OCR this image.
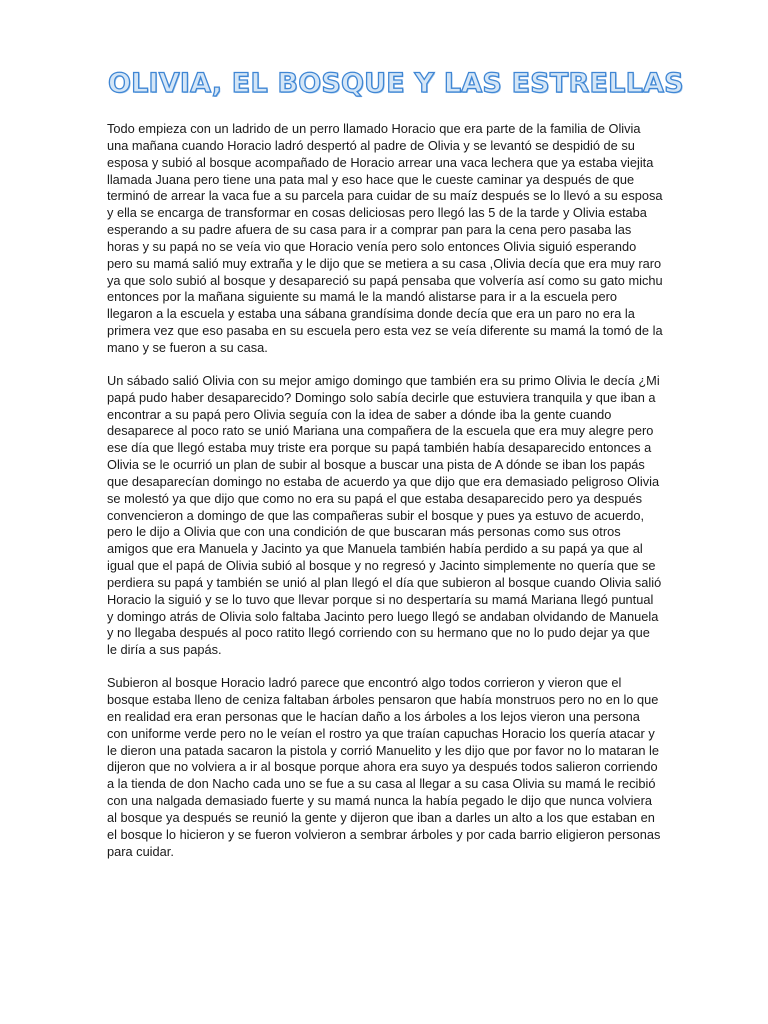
OLIVIA, EL BOSQUE Y LAS ESTRELLAS

Todo empieza con un ladrido de un perro llamado Horacio que era parte de la familia de Olivia una mañana cuando Horacio ladró despertó al padre de Olivia y se levantó se despidió de su esposa y subió al bosque acompañado de Horacio arrear una vaca lechera que ya estaba viejita llamada Juana pero tiene una pata mal y eso hace que le cueste caminar ya después de que terminó de arrear la vaca fue a su parcela para cuidar de su maíz después se lo llevó a su esposa y ella se encarga de transformar en cosas deliciosas pero llegó las 5 de la tarde y Olivia estaba esperando a su padre afuera de su casa para ir a comprar pan para la cena pero pasaba las horas y su papá no se veía vio que Horacio venía pero solo entonces Olivia siguió esperando pero su mamá salió muy extraña y le dijo que se metiera a su casa ,Olivia decía que era muy raro ya que solo subió al bosque y desapareció su papá pensaba que volvería así como su gato michu entonces por la mañana siguiente su mamá le la mandó alistarse para ir a la escuela pero llegaron a la escuela y estaba una sábana grandísima donde decía que era un paro no era la primera vez que eso pasaba en su escuela pero esta vez se veía diferente su mamá la tomó de la mano y se fueron a su casa.

Un sábado salió Olivia con su mejor amigo domingo que también era su primo Olivia le decía ¿Mi papá pudo haber desaparecido? Domingo solo sabía decirle que estuviera tranquila y que iban a encontrar a su papá pero Olivia seguía con la idea de saber a dónde iba la gente cuando desaparece al poco rato se unió Mariana una compañera de la escuela que era muy alegre pero ese día que llegó estaba muy triste era porque su papá también había desaparecido entonces a Olivia se le ocurrió un plan de subir al bosque a buscar una pista de A dónde se iban los papás que desaparecían domingo no estaba de acuerdo ya que dijo que era demasiado peligroso Olivia se molestó ya que dijo que como no era su papá el que estaba desaparecido pero ya después convencieron a domingo de que las compañeras subir el bosque y pues ya estuvo de acuerdo, pero le dijo a Olivia que con una condición de que buscaran más personas como sus otros amigos que era Manuela y Jacinto ya que Manuela también había perdido a su papá ya que al igual que el papá de Olivia subió al bosque y no regresó y Jacinto simplemente no quería que se perdiera su papá y también se unió al plan llegó el día que subieron al bosque cuando Olivia salió Horacio la siguió y se lo tuvo que llevar porque si no despertaría su mamá Mariana llegó puntual y domingo atrás de Olivia solo faltaba Jacinto pero luego llegó se andaban olvidando de Manuela y no llegaba después al poco ratito llegó corriendo con su hermano que no lo pudo dejar ya que le diría a sus papás.

Subieron al bosque Horacio ladró parece que encontró algo todos corrieron y vieron que el bosque estaba lleno de ceniza faltaban árboles pensaron que había monstruos pero no en lo que en realidad era eran personas que le hacían daño a los árboles a los lejos vieron una persona con uniforme verde pero no le veían el rostro ya que traían capuchas Horacio los quería atacar y le dieron una patada sacaron la pistola y corrió Manuelito y les dijo que por favor no lo mataran le dijeron que no volviera a ir al bosque porque ahora era suyo ya después todos salieron corriendo a la tienda de don Nacho cada uno se fue a su casa al llegar a su casa Olivia su mamá le recibió con una nalgada demasiado fuerte y su mamá nunca la había pegado le dijo que nunca volviera al bosque ya después se reunió la gente y dijeron que iban a darles un alto a los que estaban en el bosque lo hicieron y se fueron volvieron a sembrar árboles y por cada barrio eligieron personas para cuidar.
